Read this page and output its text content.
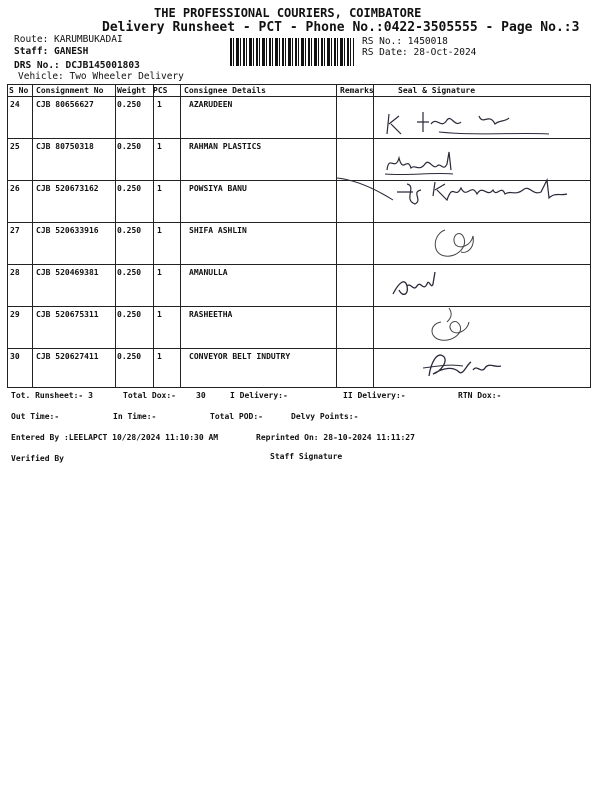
THE PROFESSIONAL COURIERS, COIMBATORE
Delivery Runsheet - PCT - Phone No.:0422-3505555 - Page No.:3
Route: KARUMBUKADAI
Staff: GANESH
DRS No.: DCJB145001803
Vehicle: Two Wheeler Delivery
RS No.: 1450018
RS Date: 28-Oct-2024
S No Consignment No Weight PCS Consignee Details	Remarks	Seal & Signature
24 CJB 80656627	0.250 1	AZARUDEEN
25 CJB 80750318	0.250 1	RAHMAN PLASTICS
26 CJB 520673162 0.250 1	POWSIYA BANU
27 CJB 520633916 0.250 1	SHIFA ASHLIN
28 CJB 520469381 0.250 1	AMANULLA
29 CJB 520675311 0.250 1	RASHEETHA
30 CJB 520627411 0.250 1	CONVEYOR BELT INDUTRY
Tot. Runsheet:- 3	Total Dox:-	30	I Delivery:-	II Delivery:-	RTN Dox:-
Out Time:-	In Time:-	Total POD:-	Delvy Points:-
Entered By :LEELAPCT 10/28/2024 11:10:30 AM	Reprinted On: 28-10-2024 11:11:27
Verified By	Staff Signature
